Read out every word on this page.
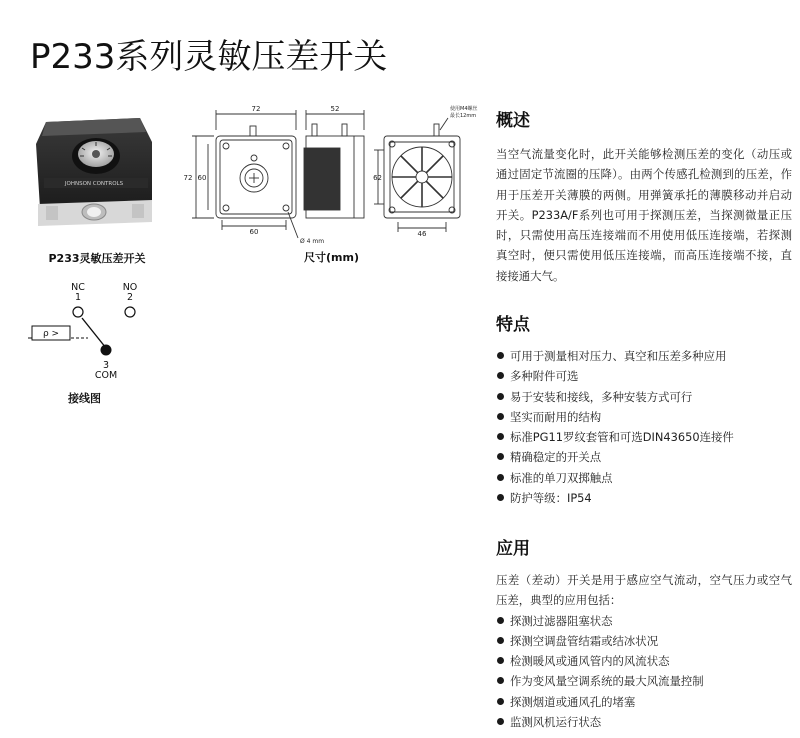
P233系列灵敏压差开关
JOHNSON CONTROLS
P233灵敏压差开关
72	52
72 60
60
Ø 4 mm
62
46
使用M4螺丝
最长12mm
尺寸(mm)
NC
1
NO
2
3
COM
ρ >
接线图
概述

当空气流量变化时，此开关能够检测压差的变化（动压或通过固定节流圈的压降）。由两个传感孔检测到的压差，作用于压差开关薄膜的两侧。用弹簧承托的薄膜移动并启动开关。P233A/F系列也可用于探测压差，当探测微量正压时，只需使用高压连接端而不用使用低压连接端，若探测真空时，便只需使用低压连接端，而高压连接端不接，直接接通大气。

特点
可用于测量相对压力、真空和压差多种应用
多种附件可选
易于安装和接线，多种安装方式可行
坚实而耐用的结构
标准PG11罗纹套管和可选DIN43650连接件
精确稳定的开关点
标准的单刀双掷触点
防护等级：IP54
应用

压差（差动）开关是用于感应空气流动，空气压力或空气压差，典型的应用包括：

探测过滤器阻塞状态
探测空调盘管结霜或结冰状况
检测暖风或通风管内的风流状态
作为变风量空调系统的最大风流量控制
探测烟道或通风孔的堵塞
监测风机运行状态
